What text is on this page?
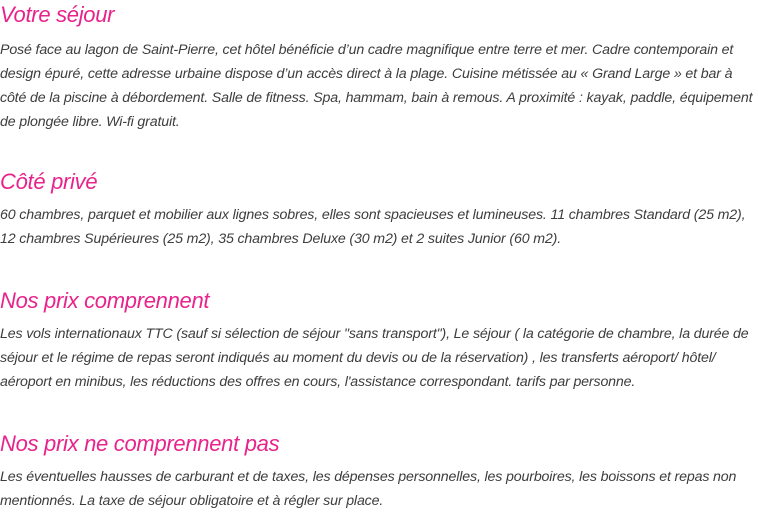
Votre séjour

Posé face au lagon de Saint-Pierre, cet hôtel bénéficie d’un cadre magnifique entre terre et mer. Cadre contemporain et design épuré, cette adresse urbaine dispose d’un accès direct à la plage. Cuisine métissée au « Grand Large » et bar à côté de la piscine à débordement. Salle de fitness. Spa, hammam, bain à remous. A proximité : kayak, paddle, équipement de plongée libre. Wi-fi gratuit.

Côté privé

60 chambres, parquet et mobilier aux lignes sobres, elles sont spacieuses et lumineuses. 11 chambres Standard (25 m2), 12 chambres Supérieures (25 m2), 35 chambres Deluxe (30 m2) et 2 suites Junior (60 m2).

Nos prix comprennent

Les vols internationaux TTC (sauf si sélection de séjour "sans transport"), Le séjour ( la catégorie de chambre, la durée de séjour et le régime de repas seront indiqués au moment du devis ou de la réservation) , les transferts aéroport/ hôtel/ aéroport en minibus, les réductions des offres en cours, l'assistance correspondant. tarifs par personne.

Nos prix ne comprennent pas

Les éventuelles hausses de carburant et de taxes, les dépenses personnelles, les pourboires, les boissons et repas non mentionnés. La taxe de séjour obligatoire et à régler sur place.
